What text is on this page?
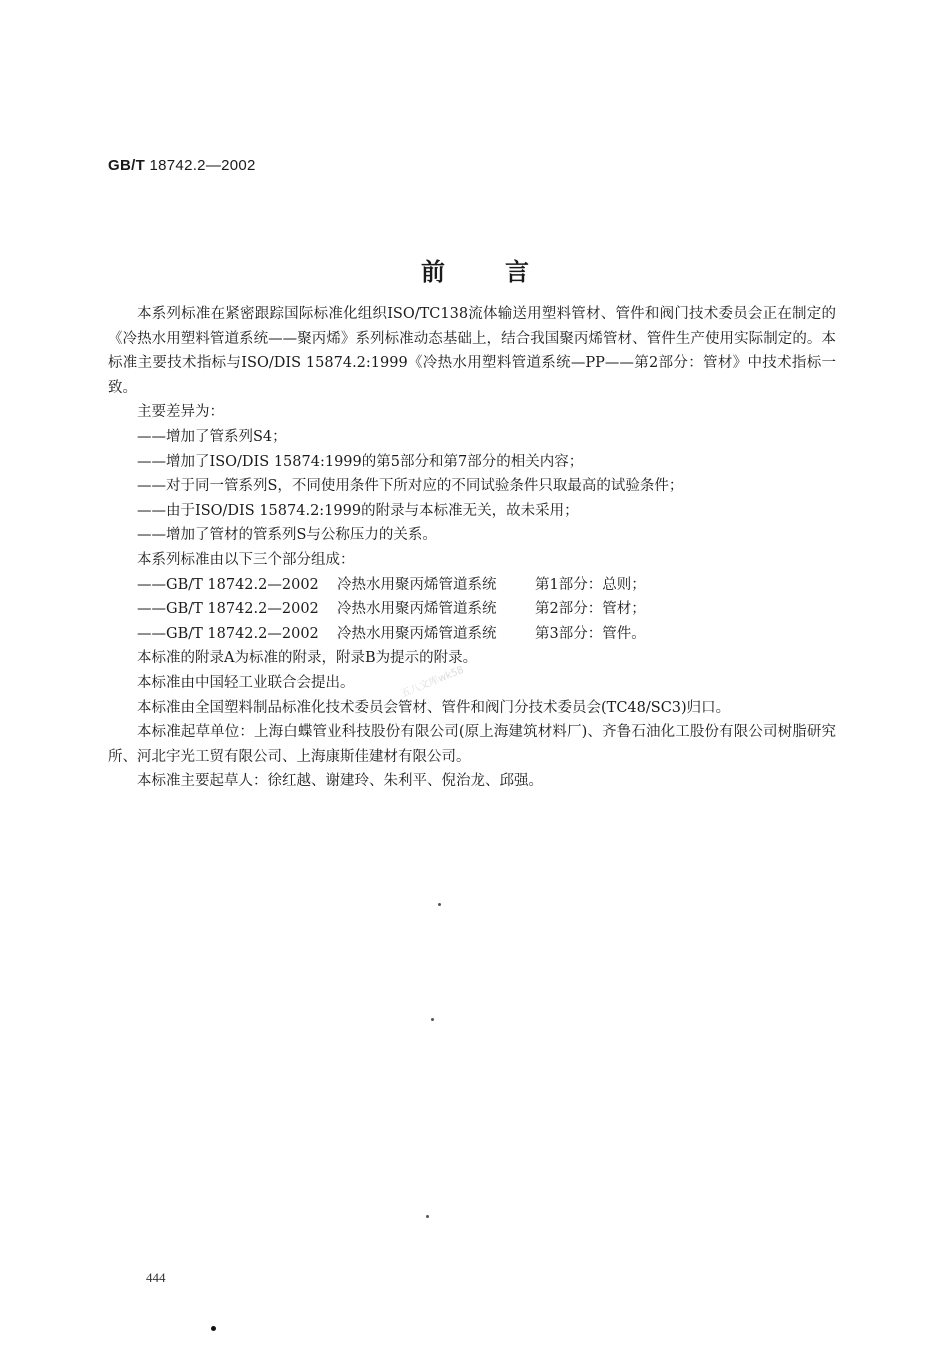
GB/T 18742.2—2002
前言

本系列标准在紧密跟踪国际标准化组织ISO/TC138流体输送用塑料管材、管件和阀门技术委员会正在制定的《冷热水用塑料管道系统——聚丙烯》系列标准动态基础上，结合我国聚丙烯管材、管件生产使用实际制定的。本标准主要技术指标与ISO/DIS 15874.2:1999《冷热水用塑料管道系统—PP——第2部分：管材》中技术指标一致。

主要差异为：

——增加了管系列S4；

——增加了ISO/DIS 15874:1999的第5部分和第7部分的相关内容；

——对于同一管系列S，不同使用条件下所对应的不同试验条件只取最高的试验条件；

——由于ISO/DIS 15874.2:1999的附录与本标准无关，故未采用；

——增加了管材的管系列S与公称压力的关系。

本系列标准由以下三个部分组成：

——GB/T 18742.2—2002	冷热水用聚丙烯管道系统	第1部分：总则；
——GB/T 18742.2—2002	冷热水用聚丙烯管道系统	第2部分：管材；
——GB/T 18742.2—2002	冷热水用聚丙烯管道系统	第3部分：管件。

本标准的附录A为标准的附录，附录B为提示的附录。

本标准由中国轻工业联合会提出。

本标准由全国塑料制品标准化技术委员会管材、管件和阀门分技术委员会(TC48/SC3)归口。

本标准起草单位：上海白蝶管业科技股份有限公司(原上海建筑材料厂)、齐鲁石油化工股份有限公司树脂研究所、河北宇光工贸有限公司、上海康斯佳建材有限公司。

本标准主要起草人：徐红越、谢建玲、朱利平、倪治龙、邱强。

五八文库wk58
444
